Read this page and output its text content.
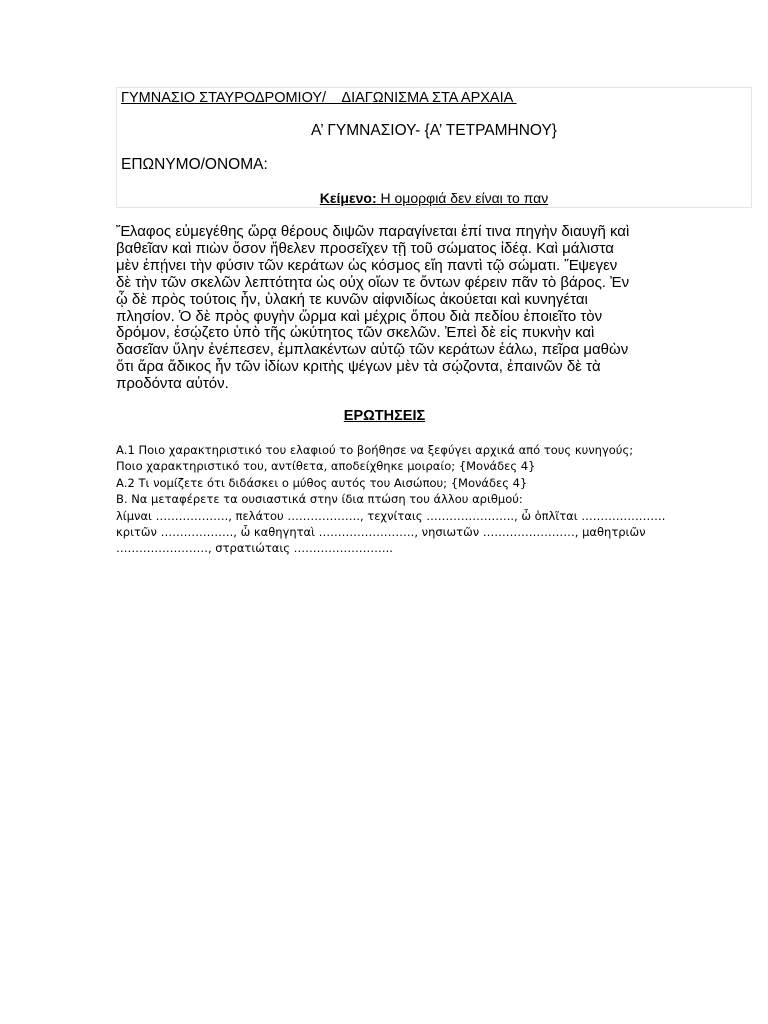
ΓΥΜΝΑΣΙΟ ΣΤΑΥΡΟΔΡΟΜΙΟΥ/    ΔΙΑΓΩΝΙΣΜΑ ΣΤΑ ΑΡΧΑΙΑ
Α’ ΓΥΜΝΑΣΙΟΥ- {Α’ ΤΕΤΡΑΜΗΝΟΥ}
ΕΠΩΝΥΜΟ/ΟΝΟΜΑ:
Κείμενο: Η ομορφιά δεν είναι το παν
Ἔλαφος εὐμεγέθης ὥρᾳ θέρους διψῶν παραγίνεται ἐπί τινα πηγὴν διαυγῆ καὶ
βαθεῖαν καὶ πιὼν ὅσον ἤθελεν προσεῖχεν τῇ τοῦ σώματος ἰδέᾳ. Καὶ μάλιστα
μὲν ἐπῄνει τὴν φύσιν τῶν κεράτων ὡς κόσμος εἴη παντὶ τῷ σώματι. Ἔψεγεν
δὲ τὴν τῶν σκελῶν λεπτότητα ὡς οὐχ οἵων τε ὄντων φέρειν πᾶν τὸ βάρος. Ἐν
ᾧ δὲ πρὸς τούτοις ἦν, ὑλακή τε κυνῶν αἰφνιδίως ἀκούεται καὶ κυνηγέται
πλησίον. Ὁ δὲ πρὸς φυγὴν ὥρμα καὶ μέχρις ὅπου διὰ πεδίου ἐποιεῖτο τὸν
δρόμον, ἐσῴζετο ὑπὸ τῆς ὠκύτητος τῶν σκελῶν. Ἐπεὶ δὲ εἰς πυκνὴν καὶ
δασεῖαν ὕλην ἐνέπεσεν, ἐμπλακέντων αὐτῷ τῶν κεράτων ἑάλω, πεῖρα μαθὼν
ὅτι ἄρα ἄδικος ἦν τῶν ἰδίων κριτὴς ψέγων μὲν τὰ σῴζοντα, ἐπαινῶν δὲ τὰ
προδόντα αὐτόν.
ΕΡΩΤΗΣΕΙΣ
Α.1 Ποιο χαρακτηριστικό του ελαφιού το βοήθησε να ξεφύγει αρχικά από τους κυνηγούς;
Ποιο χαρακτηριστικό του, αντίθετα, αποδείχθηκε μοιραίο; {Μονάδες 4}
Α.2 Τι νομίζετε ότι διδάσκει ο μύθος αυτός του Αισώπου; {Μονάδες 4}
Β. Να μεταφέρετε τα ουσιαστικά στην ίδια πτώση του άλλου αριθμού:
λίμναι ………………., πελάτου ………………., τεχνίταις ………………….., ὦ ὁπλῖται ………………….
κριτῶν ………………., ὦ καθηγηταὶ ……………………., νησιωτῶν ……………………, μαθητριῶν
……………………, στρατιώταις ……………………..
